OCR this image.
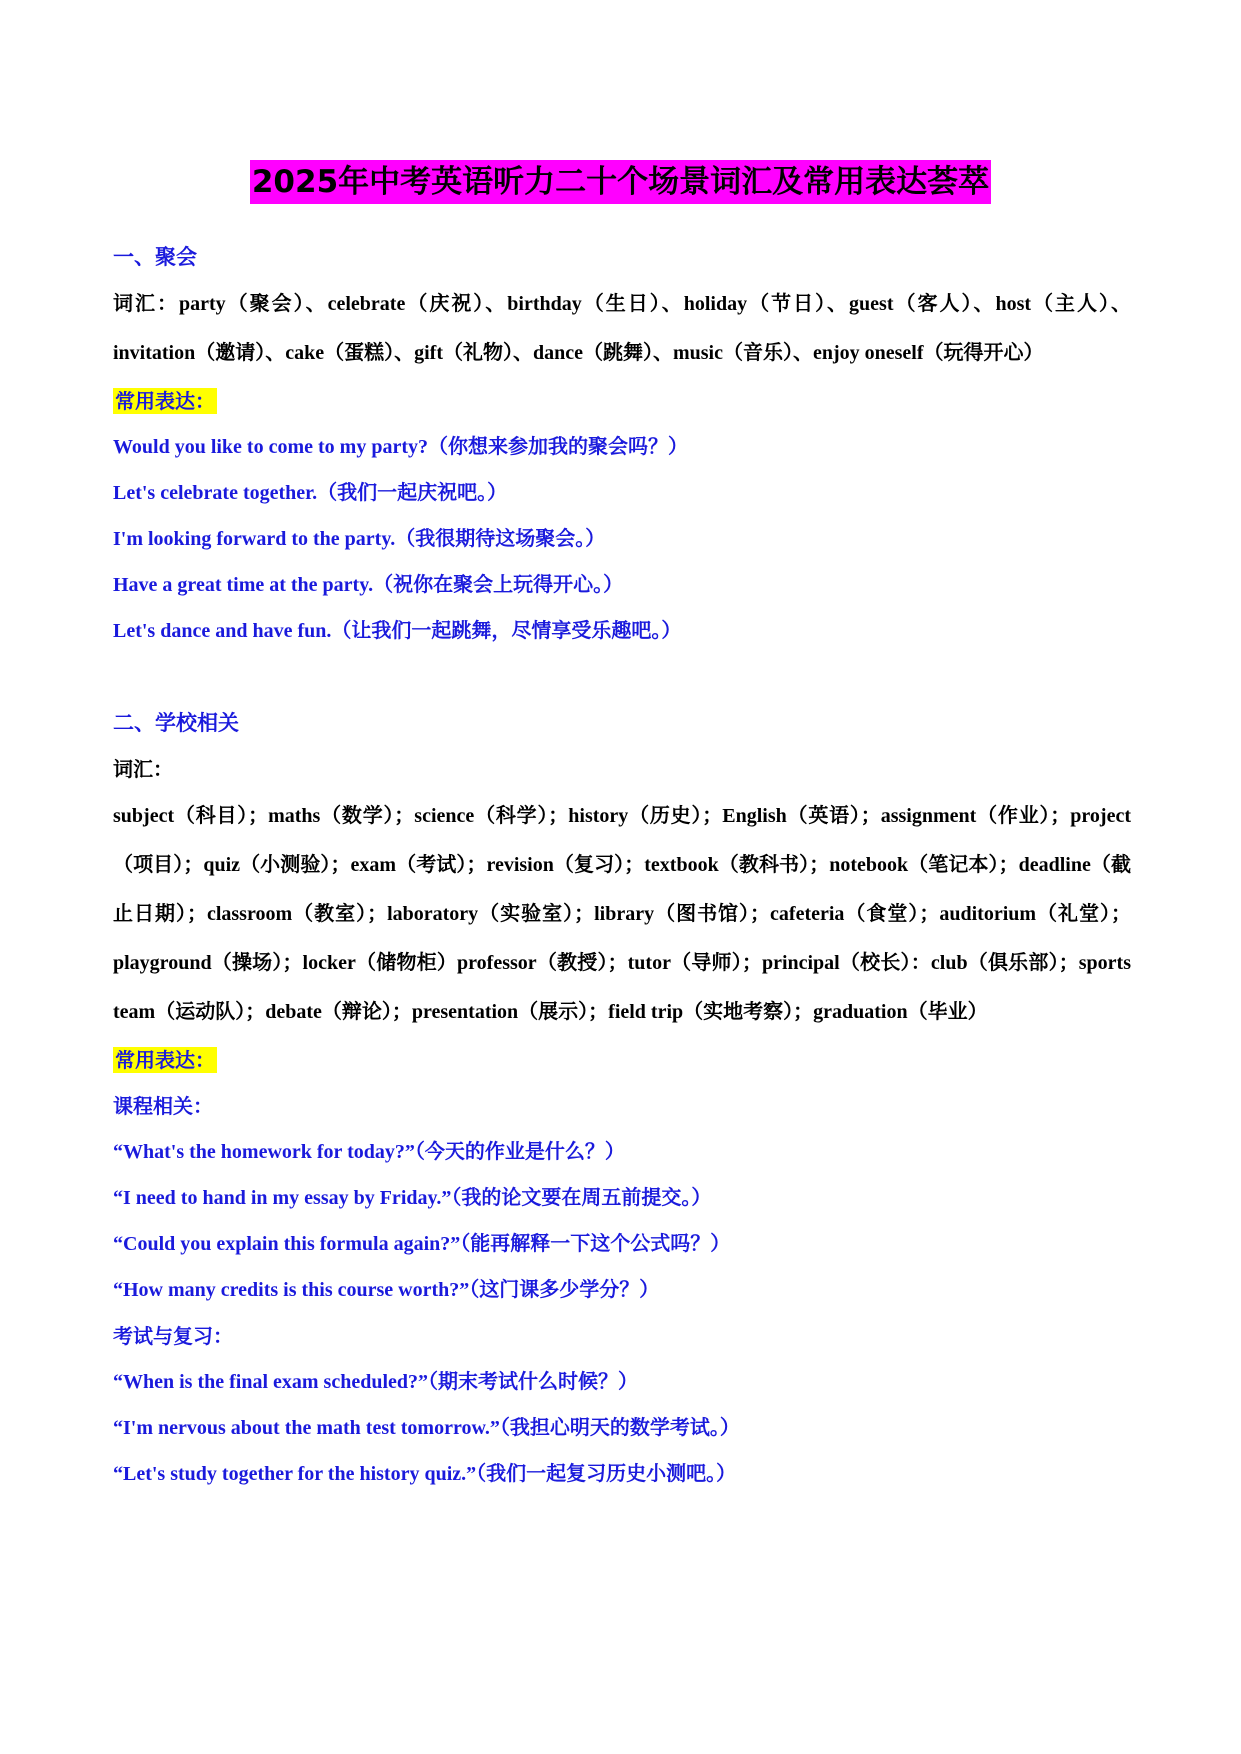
2025年中考英语听力二十个场景词汇及常用表达荟萃
一、聚会

词汇：party（聚会）、celebrate（庆祝）、birthday（生日）、holiday（节日）、guest（客人）、host（主人）、invitation（邀请）、cake（蛋糕）、gift（礼物）、dance（跳舞）、music（音乐）、enjoy oneself（玩得开心）

常用表达：
Would you like to come to my party?（你想来参加我的聚会吗？）
Let's celebrate together.（我们一起庆祝吧。）
I'm looking forward to the party.（我很期待这场聚会。）
Have a great time at the party.（祝你在聚会上玩得开心。）
Let's dance and have fun.（让我们一起跳舞，尽情享受乐趣吧。）
二、学校相关
词汇：

subject（科目）；maths（数学）；science（科学）；history（历史）；English（英语）；assignment（作业）；project（项目）；quiz（小测验）；exam（考试）；revision（复习）；textbook（教科书）；notebook（笔记本）；deadline（截止日期）；classroom（教室）；laboratory（实验室）；library（图书馆）；cafeteria（食堂）；auditorium（礼堂）；playground（操场）；locker（储物柜）professor（教授）；tutor（导师）；principal（校长）：club（俱乐部）；sports team（运动队）；debate（辩论）；presentation（展示）；field trip（实地考察）；graduation（毕业）

常用表达：
课程相关：
“What's the homework for today?”（今天的作业是什么？）
“I need to hand in my essay by Friday.”（我的论文要在周五前提交。）
“Could you explain this formula again?”（能再解释一下这个公式吗？）
“How many credits is this course worth?”（这门课多少学分？）
考试与复习：
“When is the final exam scheduled?”（期末考试什么时候？）
“I'm nervous about the math test tomorrow.”（我担心明天的数学考试。）
“Let's study together for the history quiz.”（我们一起复习历史小测吧。）
